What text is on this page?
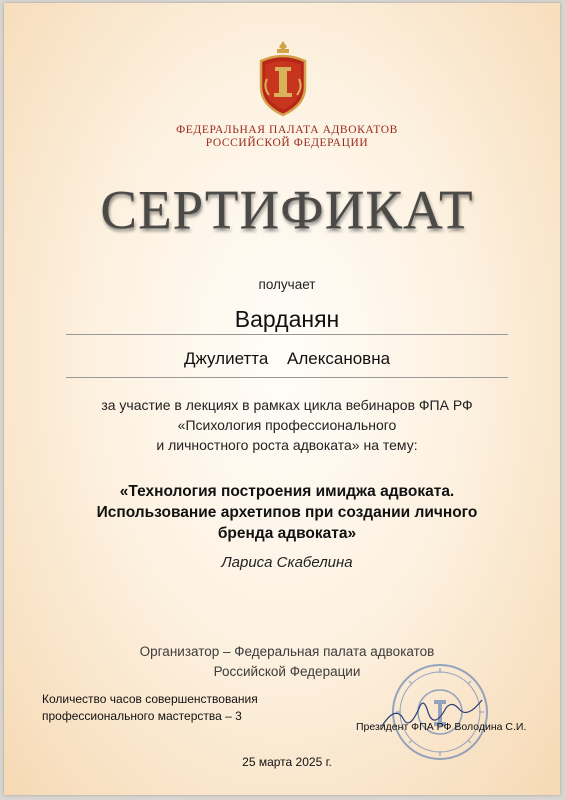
ФЕДЕРАЛЬНАЯ ПАЛАТА АДВОКАТОВ
РОССИЙСКОЙ ФЕДЕРАЦИИ
СЕРТИФИКАТ
получает
Варданян
Джулиетта Алексановна
за участие в лекциях в рамках цикла вебинаров ФПА РФ
«Психология профессионального
и личностного роста адвоката» на тему:
«Технология построения имиджа адвоката.
Использование архетипов при создании личного
бренда адвоката»
Лариса Скабелина
Организатор – Федеральная палата адвокатов
Российской Федерации
Количество часов совершенствования
профессионального мастерства – 3
Президент ФПА РФ Володина С.И.
25 марта 2025 г.
